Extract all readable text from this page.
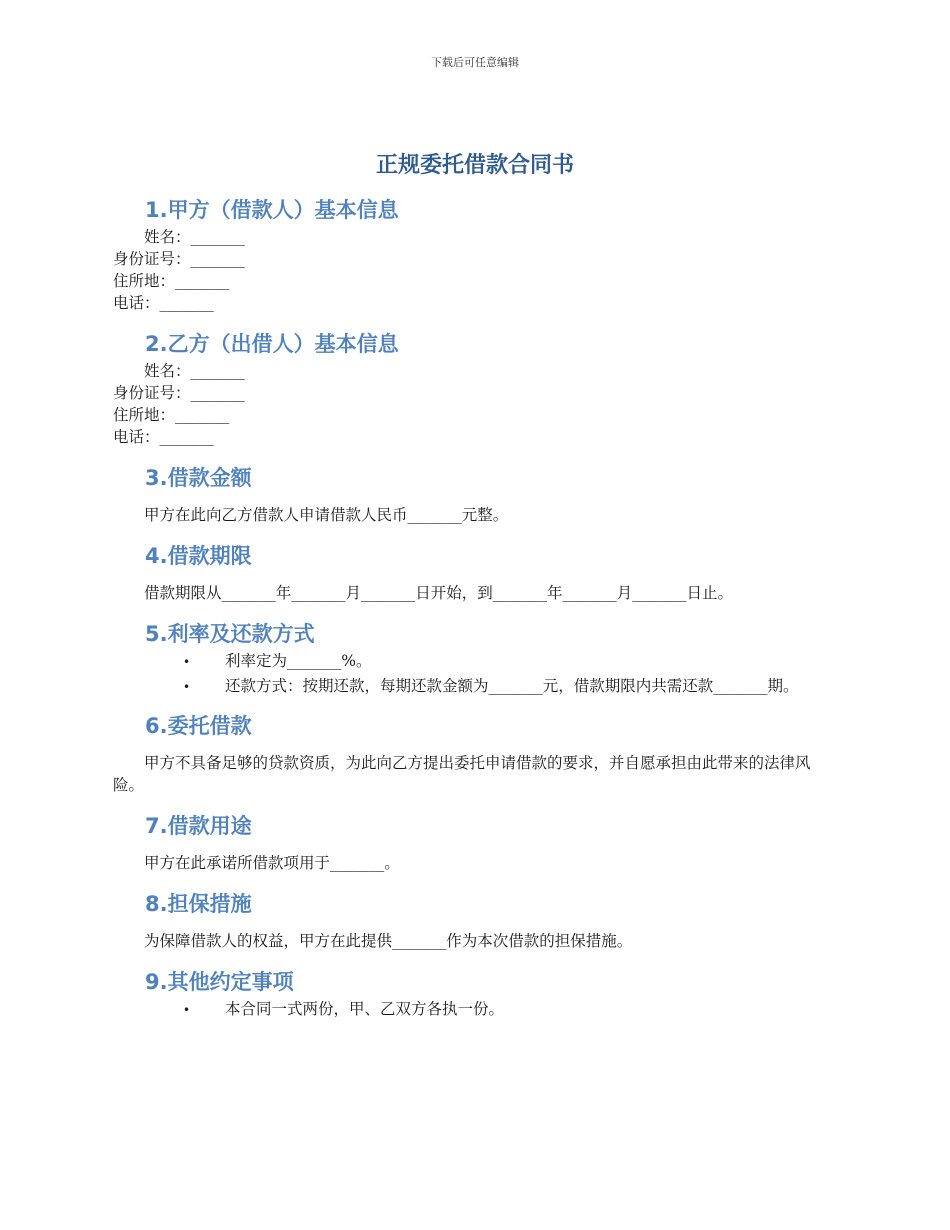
下载后可任意编辑
正规委托借款合同书
1.甲方（借款人）基本信息

姓名：_______

身份证号：_______

住所地：_______

电话：_______

2.乙方（出借人）基本信息

姓名：_______

身份证号：_______

住所地：_______

电话：_______

3.借款金额

甲方在此向乙方借款人申请借款人民币_______元整。

4.借款期限

借款期限从_______年_______月_______日开始，到_______年_______月_______日止。

5.利率及还款方式
• 利率定为_______%。
• 还款方式：按期还款，每期还款金额为_______元，借款期限内共需还款_______期。
6.委托借款

甲方不具备足够的贷款资质，为此向乙方提出委托申请借款的要求，并自愿承担由此带来的法律风险。

7.借款用途

甲方在此承诺所借款项用于_______。

8.担保措施

为保障借款人的权益，甲方在此提供_______作为本次借款的担保措施。

9.其他约定事项
• 本合同一式两份，甲、乙双方各执一份。
